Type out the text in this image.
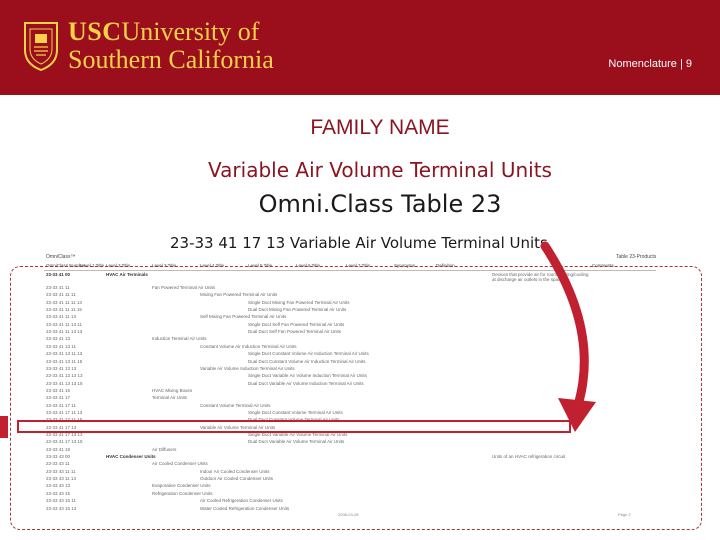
USCUniversity of
Southern California	Nomenclature | 9
FAMILY NAME
Variable Air Volume Terminal Units
Omni.Class Table 23
23-33 41 17 13 Variable Air Volume Terminal Units
OmniClass™	Table 23-Products
OmniClass Number
Level 1 Title Level 2 Title	Level 3 Title	Level 4 Title	Level 5 Title	Level 6 Title	Level 7 Title	Synonyms	Definition	Comments
23-33 41 00	HVAC Air Terminals	Devices that provide air for room heating/cooling at discharge air outlets in the space
23-33 41 11	Fan Powered Terminal Air Units
23-33 41 11 11	Mixing Fan Powered Terminal Air Units
23-33 41 11 11 13	Single Duct Mixing Fan Powered Terminal Air Units
23-33 41 11 11 15	Dual Duct Mixing Fan Powered Terminal Air Units
23-33 41 11 13	Self Mixing Fan Powered Terminal Air Units
23-33 41 11 13 11	Single Duct Self Fan Powered Terminal Air Units
23-33 41 11 13 13	Dual Duct Self Fan Powered Terminal Air Units
23-33 41 13	Induction Terminal Air Units
23-33 41 13 11	Constant Volume Air Induction Terminal Air Units
23-33 41 13 11 13	Single Duct Constant Volume Air Induction Terminal Air Units
23-33 41 13 11 15	Dual Duct Constant Volume Air Induction Terminal Air Units
23-33 41 13 13	Variable Air Volume Induction Terminal Air Units
23-33 41 13 13 13	Single Duct Variable Air Volume Induction Terminal Air Units
23-33 41 13 13 15	Dual Duct Variable Air Volume Induction Terminal Air Units
23-33 41 15	HVAC Mixing Boxes
23-33 41 17	Terminal Air Units
23-33 41 17 11	Constant Volume Terminal Air Units
23-33 41 17 11 13	Single Duct Constant Volume Terminal Air Units
23-33 41 17 11 15	Dual Duct Constant Volume Terminal Air Units
23-33 41 17 13	Variable Air Volume Terminal Air Units
23-33 41 17 13 13	Single Duct Variable Air Volume Terminal Air Units
23-33 41 17 13 15	Dual Duct Variable Air Volume Terminal Air Units
23-33 41 19	Air Diffusers
23-33 43 00	HVAC Condenser Units	Units of an HVAC refrigeration circuit
23-33 43 11	Air Cooled Condenser Units
23-33 43 11 11	Indoor Air Cooled Condenser Units
23-33 43 11 13	Outdoor Air Cooled Condenser Units
23-33 43 13	Evaporative Condenser Units
23-33 43 15	Refrigeration Condenser Units
23-33 43 15 11	Air Cooled Refrigeration Condenser Units
23-33 43 15 13	Water Cooled Refrigeration Condenser Units
2006-03-28	Page 2
